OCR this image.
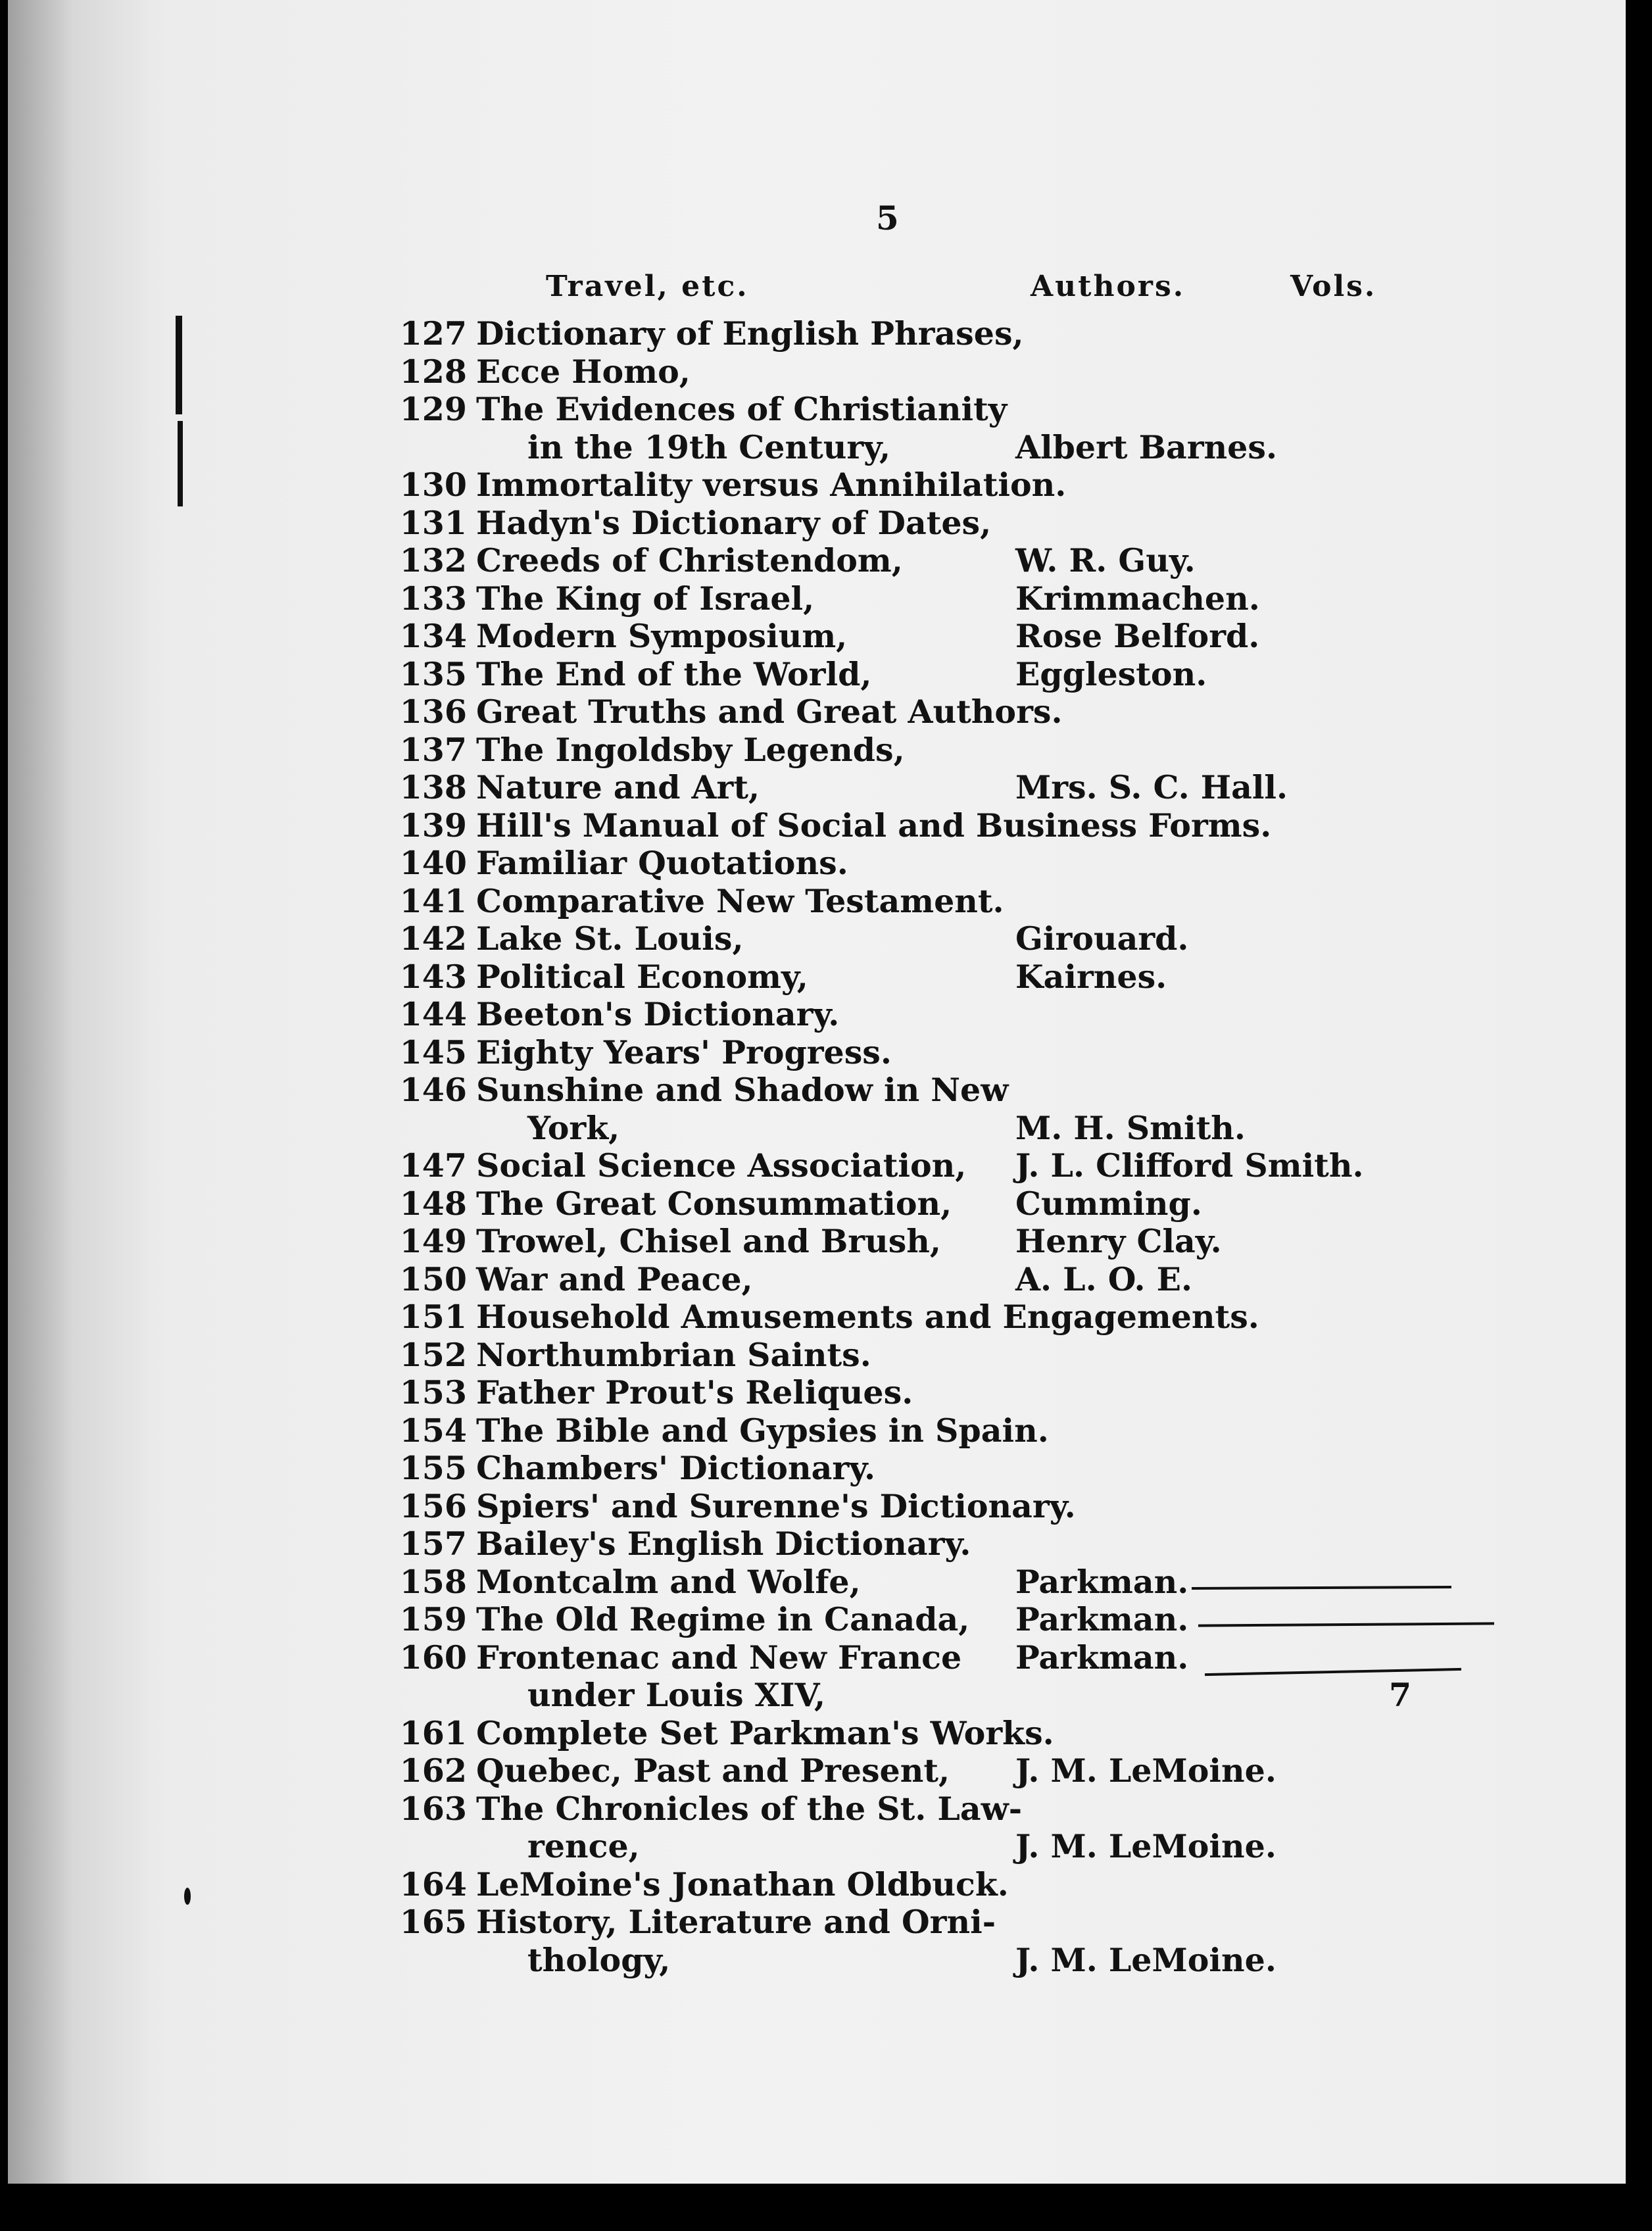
5
Travel, etc.	Authors.	Vols.
127 Dictionary of English Phrases,
128 Ecce Homo,
129 The Evidences of Christianity
in the 19th Century,	Albert Barnes.
130 Immortality versus Annihilation.
131 Hadyn's Dictionary of Dates,
132 Creeds of Christendom,	W. R. Guy.
133 The King of Israel,	Krimmachen.
134 Modern Symposium,	Rose Belford.
135 The End of the World,	Eggleston.
136 Great Truths and Great Authors.
137 The Ingoldsby Legends,
138 Nature and Art,	Mrs. S. C. Hall.
139 Hill's Manual of Social and Business Forms.
140 Familiar Quotations.
141 Comparative New Testament.
142 Lake St. Louis,	Girouard.
143 Political Economy,	Kairnes.
144 Beeton's Dictionary.
145 Eighty Years' Progress.
146 Sunshine and Shadow in New
York,	M. H. Smith.
147 Social Science Association, J. L. Clifford Smith.
148 The Great Consummation, Cumming.
149 Trowel, Chisel and Brush, Henry Clay.
150 War and Peace,	A. L. O. E.
151 Household Amusements and Engagements.
152 Northumbrian Saints.
153 Father Prout's Reliques.
154 The Bible and Gypsies in Spain.
155 Chambers' Dictionary.
156 Spiers' and Surenne's Dictionary.
157 Bailey's English Dictionary.
158 Montcalm and Wolfe,	Parkman.
159 The Old Regime in Canada, Parkman.
160 Frontenac and New France Parkman.
under Louis XIV,	7
161 Complete Set Parkman's Works.
162 Quebec, Past and Present, J. M. LeMoine.
163 The Chronicles of the St. Law-
rence,	J. M. LeMoine.
164 LeMoine's Jonathan Oldbuck.
165 History, Literature and Orni-
thology,	J. M. LeMoine.
